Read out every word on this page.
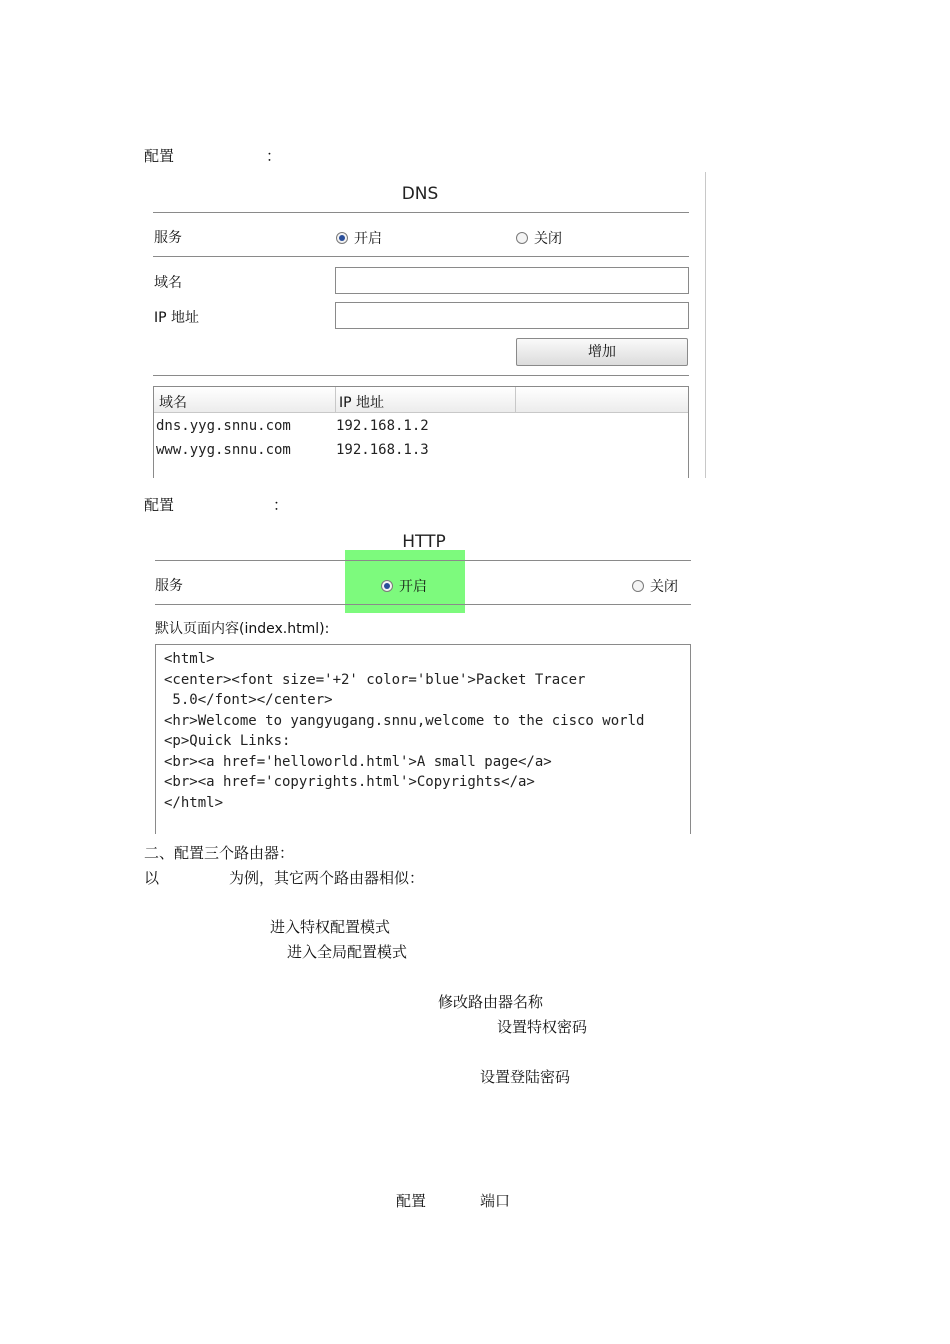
配置	：
DNS
服务	开启	关闭
域名
IP 地址
增加
域名	IP 地址
dns.yyg.snnu.com	192.168.1.2
www.yyg.snnu.com	192.168.1.3
配置	：
HTTP
服务	开启	关闭
默认页面内容(index.html):
<html>
<center><font size='+2' color='blue'>Packet Tracer
5.0</font></center>
<hr>Welcome to yangyugang.snnu,welcome to the cisco world
<p>Quick Links:
<br><a href='helloworld.html'>A small page</a>
<br><a href='copyrights.html'>Copyrights</a>
</html>
二、配置三个路由器：
以	为例，其它两个路由器相似：
进入特权配置模式
进入全局配置模式
修改路由器名称
设置特权密码
设置登陆密码
配置	端口
